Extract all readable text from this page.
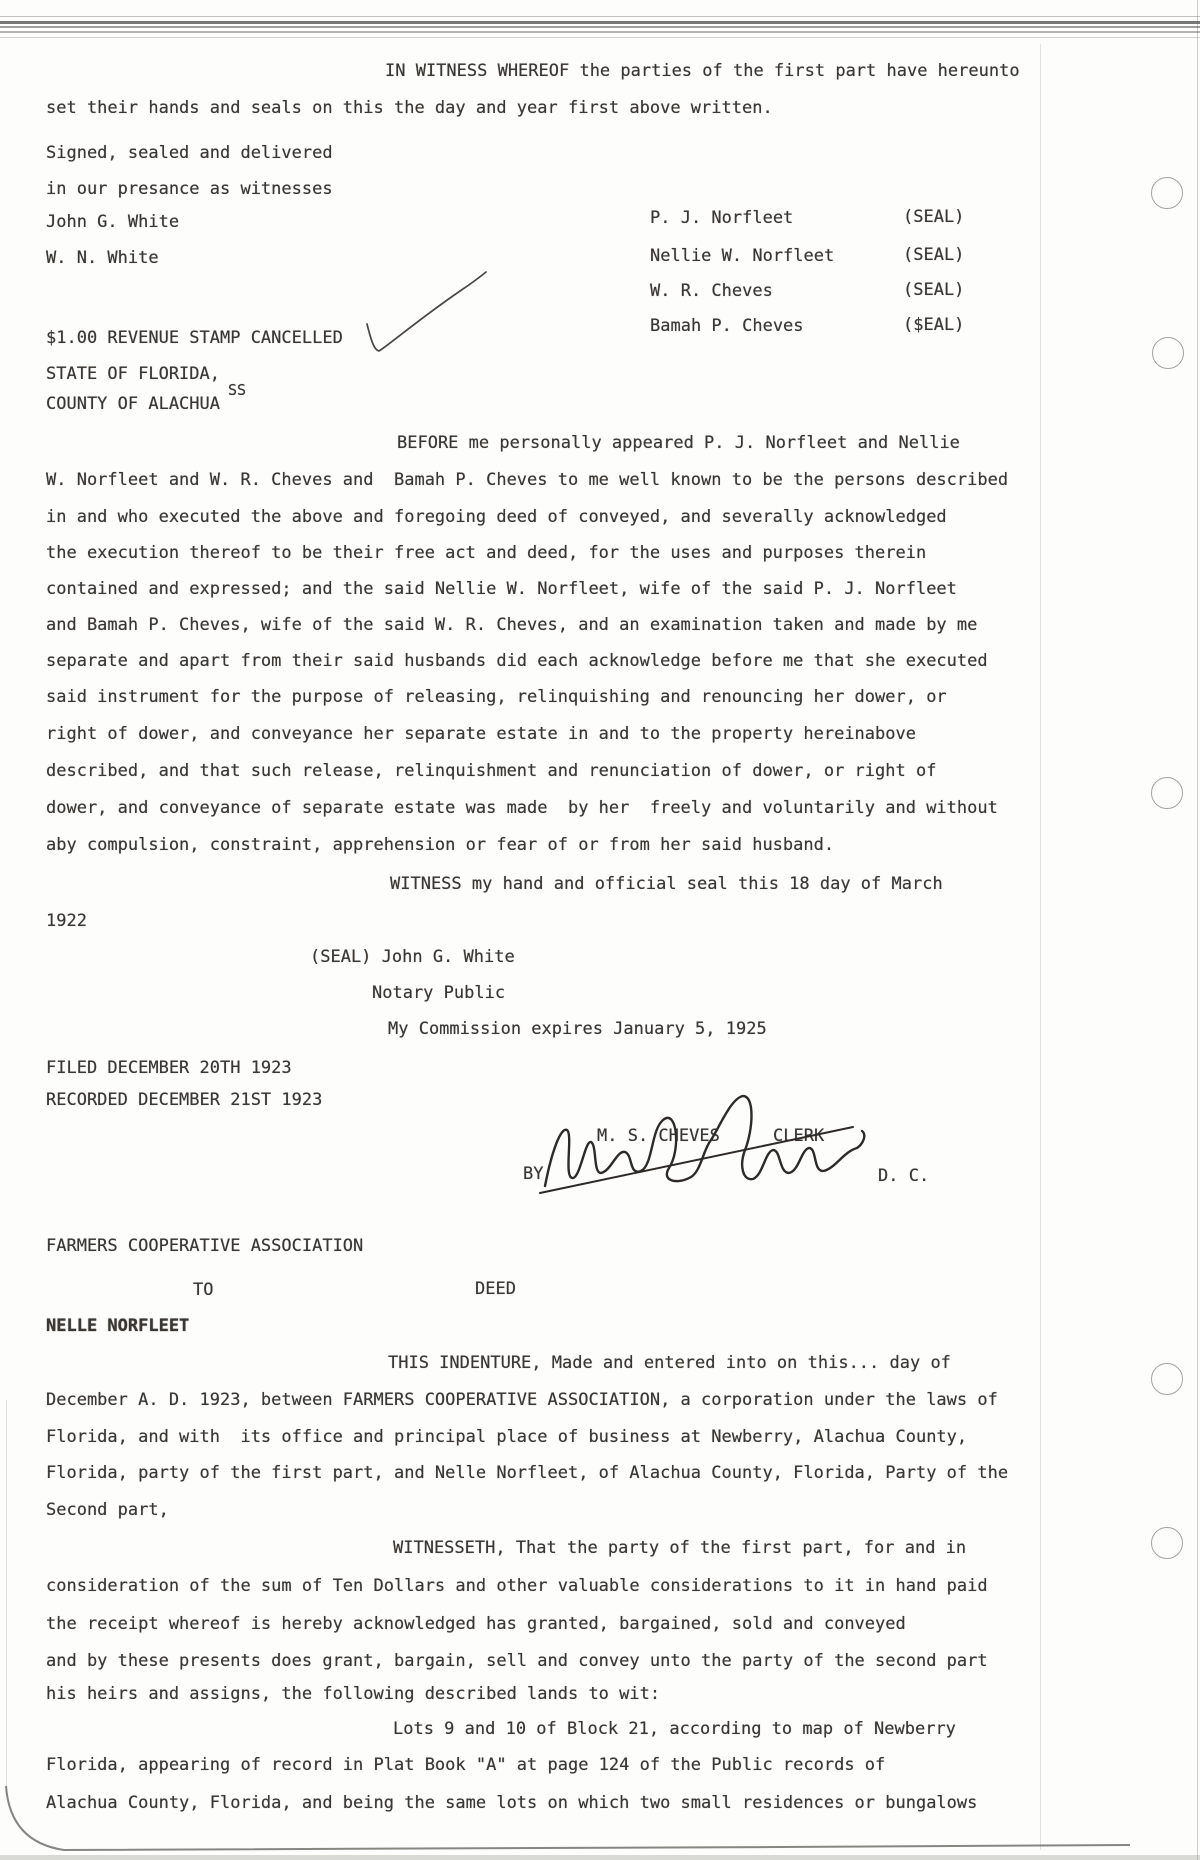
IN WITNESS WHEREOF the parties of the first part have hereunto
set their hands and seals on this the day and year first above written.
Signed, sealed and delivered
in our presance as witnesses
John G. White
W. N. White
P. J. Norfleet	(SEAL)
Nellie W. Norfleet	(SEAL)
W. R. Cheves	(SEAL)
Bamah P. Cheves	($EAL)
$1.00 REVENUE STAMP CANCELLED
STATE OF FLORIDA,
SS
COUNTY OF ALACHUA
BEFORE me personally appeared P. J. Norfleet and Nellie
W. Norfleet and W. R. Cheves and  Bamah P. Cheves to me well known to be the persons described
in and who executed the above and foregoing deed of conveyed, and severally acknowledged
the execution thereof to be their free act and deed, for the uses and purposes therein
contained and expressed; and the said Nellie W. Norfleet, wife of the said P. J. Norfleet
and Bamah P. Cheves, wife of the said W. R. Cheves, and an examination taken and made by me
separate and apart from their said husbands did each acknowledge before me that she executed
said instrument for the purpose of releasing, relinquishing and renouncing her dower, or
right of dower, and conveyance her separate estate in and to the property hereinabove
described, and that such release, relinquishment and renunciation of dower, or right of
dower, and conveyance of separate estate was made  by her  freely and voluntarily and without
aby compulsion, constraint, apprehension or fear of or from her said husband.
WITNESS my hand and official seal this 18 day of March
1922
(SEAL) John G. White
Notary Public
My Commission expires January 5, 1925
FILED DECEMBER 20TH 1923
RECORDED DECEMBER 21ST 1923
M. S. CHEVES	CLERK
BY	D. C.
FARMERS COOPERATIVE ASSOCIATION
TO	DEED
NELLE NORFLEET
THIS INDENTURE, Made and entered into on this... day of
December A. D. 1923, between FARMERS COOPERATIVE ASSOCIATION, a corporation under the laws of
Florida, and with  its office and principal place of business at Newberry, Alachua County,
Florida, party of the first part, and Nelle Norfleet, of Alachua County, Florida, Party of the
Second part,
WITNESSETH, That the party of the first part, for and in
consideration of the sum of Ten Dollars and other valuable considerations to it in hand paid
the receipt whereof is hereby acknowledged has granted, bargained, sold and conveyed
and by these presents does grant, bargain, sell and convey unto the party of the second part
his heirs and assigns, the following described lands to wit:
Lots 9 and 10 of Block 21, according to map of Newberry
Florida, appearing of record in Plat Book "A" at page 124 of the Public records of
Alachua County, Florida, and being the same lots on which two small residences or bungalows
